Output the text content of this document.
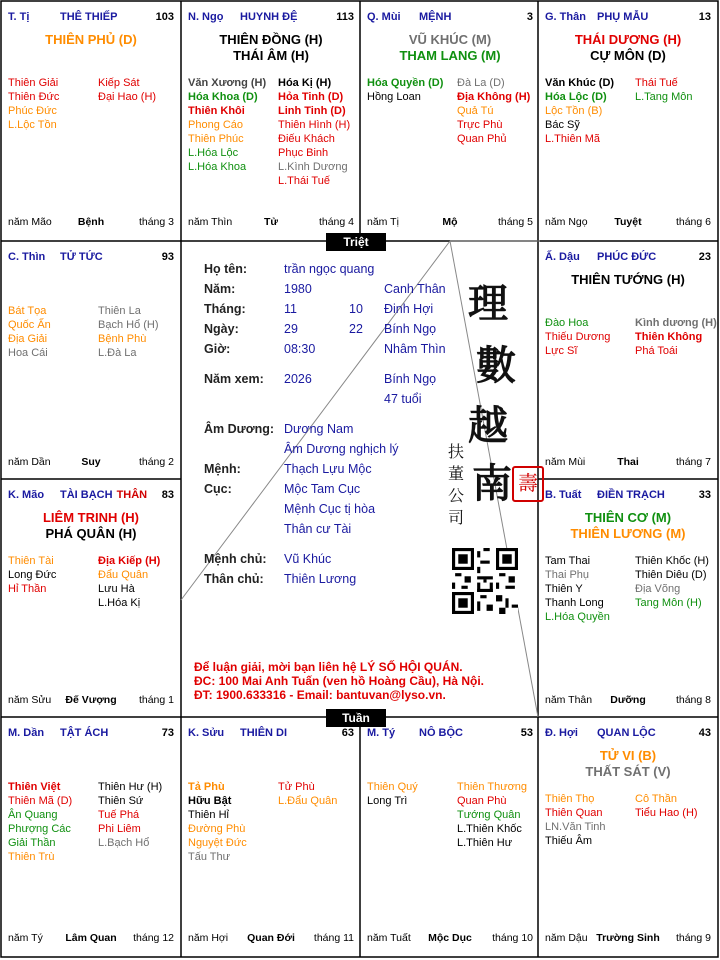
T. Tị	THÊ THIẾP	103
THIÊN PHỦ (D)
Thiên Giải
Thiên Đức
Phúc Đức
L.Lộc Tồn
Kiếp Sát
Đại Hao (H)
năm Mão	Bệnh	tháng 3
N. Ngọ HUYNH ĐỆ	113
THIÊN ĐỒNG (H)
THÁI ÂM (H)
Văn Xương (H)
Hóa Khoa (D)
Thiên Khôi
Phong Cáo
Thiên Phúc
L.Hóa Lộc
L.Hóa Khoa
Hóa Kị (H)
Hỏa Tinh (D)
Linh Tinh (D)
Thiên Hình (H)
Điếu Khách
Phục Binh
L.Kình Dương
L.Thái Tuế
năm Thìn	Tử	tháng 4
Q. Mùi MỆNH	3
VŨ KHÚC (M)
THAM LANG (M)
Hóa Quyền (D)
Hồng Loan
Đà La (D)
Địa Không (H)
Quả Tú
Trực Phù
Quan Phủ
năm Tị	Mộ	tháng 5
G. Thân PHỤ MẪU	13
THÁI DƯƠNG (H)
CỰ MÔN (D)
Văn Khúc (D)
Hóa Lộc (D)
Lộc Tồn (B)
Bác Sỹ
L.Thiên Mã
Thái Tuế
L.Tang Môn
năm Ngọ	Tuyệt	tháng 6
C. Thìn TỬ TỨC	93
Bát Tọa
Quốc Ấn
Địa Giải
Hoa Cái
Thiên La
Bạch Hổ (H)
Bệnh Phù
L.Đà La
năm Dần	Suy	tháng 2
Ấ. Dậu PHÚC ĐỨC	23
THIÊN TƯỚNG (H)
Đào Hoa
Thiếu Dương
Lực Sĩ
Kình dương (H)
Thiên Không
Phá Toái
năm Mùi	Thai	tháng 7
K. Mão TÀI BẠCH THÂN 83
LIÊM TRINH (H)
PHÁ QUÂN (H)
Thiên Tài
Long Đức
Hỉ Thần
Địa Kiếp (H)
Đẩu Quân
Lưu Hà
L.Hóa Kị
năm Sửu	Đế Vượng	tháng 1
B. Tuất ĐIỀN TRẠCH	33
THIÊN CƠ (M)
THIÊN LƯƠNG (M)
Tam Thai
Thai Phụ
Thiên Y
Thanh Long
L.Hóa Quyền
Thiên Khốc (H)
Thiên Diêu (D)
Địa Võng
Tang Môn (H)
năm Thân	Dưỡng	tháng 8
M. Dần TẬT ÁCH	73
Thiên Việt
Thiên Mã (D)
Ân Quang
Phượng Các
Giải Thần
Thiên Trù
Thiên Hư (H)
Thiên Sứ
Tuế Phá
Phi Liêm
L.Bạch Hổ
năm Tý	Lâm Quan	tháng 12
K. Sửu THIÊN DI	63
Tả Phù
Hữu Bật
Thiên Hỉ
Đường Phù
Nguyệt Đức
Tấu Thư
Tử Phù
L.Đẩu Quân
năm Hợi	Quan Đới	tháng 11
M. Tý NÔ BỘC	53
Thiên Quý
Long Trì
Thiên Thương
Quan Phù
Tướng Quân
L.Thiên Khốc
L.Thiên Hư
năm Tuất	Mộc Dục	tháng 10
Đ. Hợi QUAN LỘC	43
TỬ VI (B)
THẤT SÁT (V)
Thiên Thọ
Thiên Quan
LN.Văn Tinh
Thiếu Âm
Cô Thần
Tiểu Hao (H)
năm Dậu Trường Sinh	tháng 9
Triệt
Tuần
Họ tên:	trần ngọc quang
Năm:	1980	Canh Thân
Tháng:	11	10 Đinh Hợi
Ngày:	29	22 Bính Ngọ
Giờ:	08:30	Nhâm Thìn
Năm xem: 2026	Bính Ngọ
47 tuổi
Âm Dương: Dương Nam
Âm Dương nghịch lý
Mệnh:	Thạch Lựu Mộc
Cục:	Mộc Tam Cục
Mệnh Cục tị hòa
Thân cư Tài
Mệnh chủ: Vũ Khúc
Thân chủ: Thiên Lương
理
數
越
南
扶
董
公
司
壽
Để luận giải, mời bạn liên hệ LÝ SỐ HỘI QUÁN.
ĐC: 100 Mai Anh Tuấn (ven hồ Hoàng Cầu), Hà Nội.
ĐT: 1900.633316 - Email: bantuvan@lyso.vn.
